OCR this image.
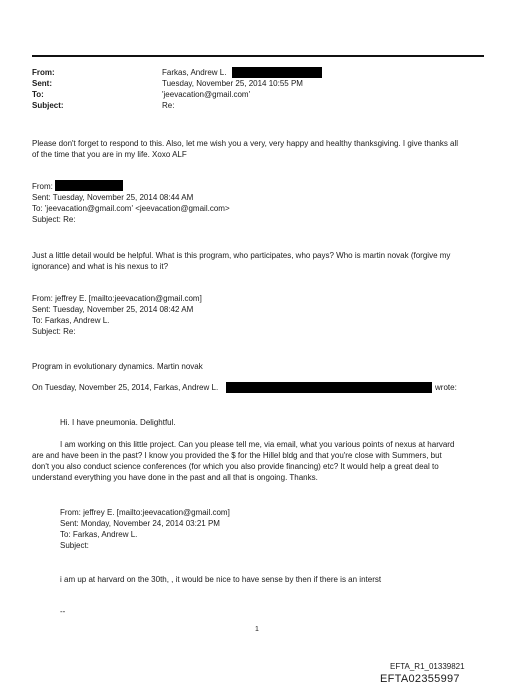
From:
Sent:
To:
Subject:
Farkas, Andrew L.
Tuesday, November 25, 2014 10:55 PM
'jeevacation@gmail.com'
Re:
Please don't forget to respond to this. Also, let me wish you a very, very happy and healthy thanksgiving. I give thanks all
of the time that you are in my life. Xoxo ALF
From:
Sent: Tuesday, November 25, 2014 08:44 AM
To: 'jeevacation@gmail.com' <jeevacation@gmail.com>
Subject: Re:
Just a little detail would be helpful. What is this program, who participates, who pays? Who is martin novak (forgive my
ignorance) and what is his nexus to it?
From: jeffrey E. [mailto:jeevacation@gmail.com]
Sent: Tuesday, November 25, 2014 08:42 AM
To: Farkas, Andrew L.
Subject: Re:
Program in evolutionary dynamics. Martin novak
On Tuesday, November 25, 2014, Farkas, Andrew L.	wrote:
Hi. I have pneumonia. Delightful.
I am working on this little project. Can you please tell me, via email, what you various points of nexus at harvard
are and have been in the past? I know you provided the $ for the Hillel bldg and that you're close with Summers, but
don't you also conduct science conferences (for which you also provide financing) etc? It would help a great deal to
understand everything you have done in the past and all that is ongoing. Thanks.
From: jeffrey E. [mailto:jeevacation@gmail.com]
Sent: Monday, November 24, 2014 03:21 PM
To: Farkas, Andrew L.
Subject:
i am up at harvard on the 30th, , it would be nice to have sense by then if there is an interst
--
1
EFTA_R1_01339821
EFTA02355997
